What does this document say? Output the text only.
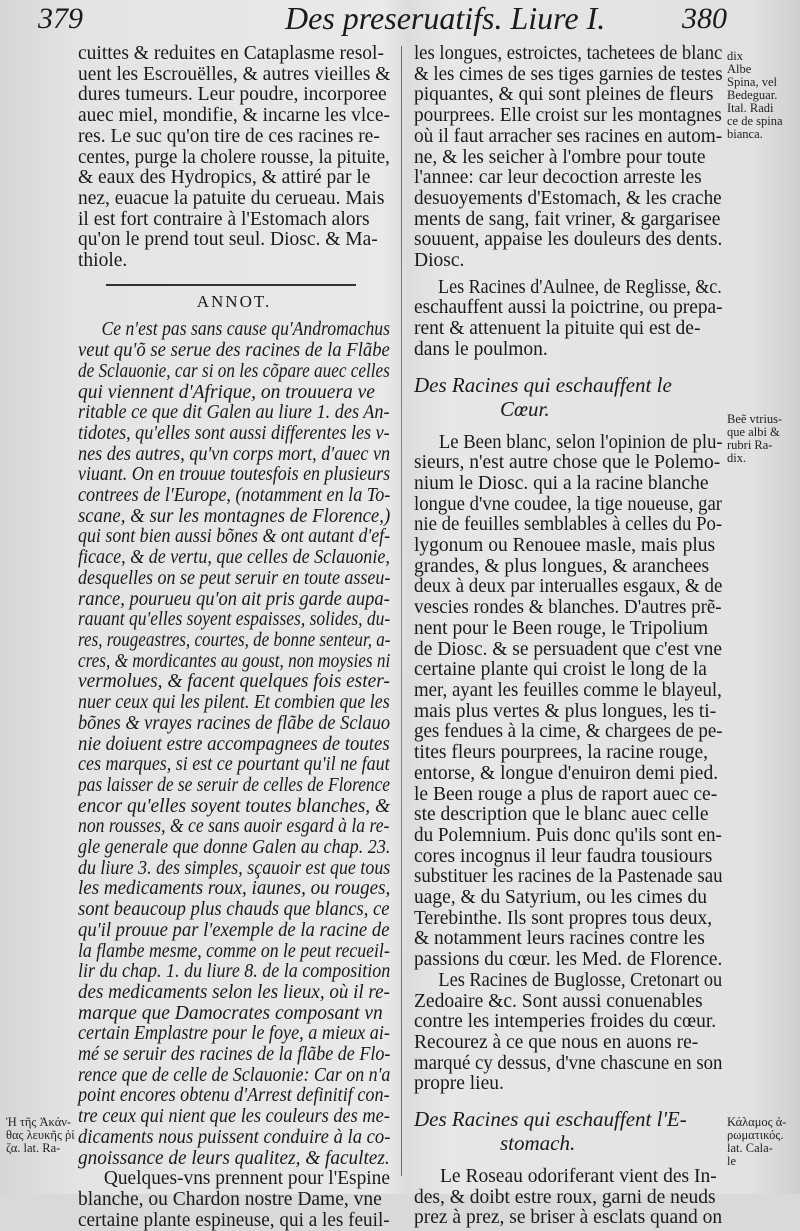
379	Des preseruatifs. Liure I.	380
cuittes & reduites en Cataplasme resol-
uent les Escrouëlles, & autres vieilles &
dures tumeurs. Leur poudre, incorporee
auec miel, mondifie, & incarne les vlce-
res. Le suc qu'on tire de ces racines re-
centes, purge la cholere rousse, la pituite,
& eaux des Hydropics, & attiré par le
nez, euacue la patuite du cerueau. Mais
il est fort contraire à l'Estomach alors
qu'on le prend tout seul. Diosc. & Ma-
thiole.
ANNOT.
Ce n'est pas sans cause qu'Andromachus
veut qu'õ se serue des racines de la Flãbe
de Sclauonie, car si on les cõpare auec celles
qui viennent d'Afrique, on trouuera ve
ritable ce que dit Galen au liure 1. des An-
tidotes, qu'elles sont aussi differentes les v-
nes des autres, qu'vn corps mort, d'auec vn
viuant. On en trouue toutesfois en plusieurs
contrees de l'Europe, (notamment en la To-
scane, & sur les montagnes de Florence,)
qui sont bien aussi bõnes & ont autant d'ef-
ficace, & de vertu, que celles de Sclauonie,
desquelles on se peut seruir en toute asseu-
rance, pourueu qu'on ait pris garde aupa-
rauant qu'elles soyent espaisses, solides, du-
res, rougeastres, courtes, de bonne senteur, a-
cres, & mordicantes au goust, non moysies ni
vermolues, & facent quelques fois ester-
nuer ceux qui les pilent. Et combien que les
bõnes & vrayes racines de flãbe de Sclauo
nie doiuent estre accompagnees de toutes
ces marques, si est ce pourtant qu'il ne faut
pas laisser de se seruir de celles de Florence
encor qu'elles soyent toutes blanches, &
non rousses, & ce sans auoir esgard à la re-
gle generale que donne Galen au chap. 23.
du liure 3. des simples, sçauoir est que tous
les medicaments roux, iaunes, ou rouges,
sont beaucoup plus chauds que blancs, ce
qu'il prouue par l'exemple de la racine de
la flambe mesme, comme on le peut recueil-
lir du chap. 1. du liure 8. de la composition
des medicaments selon les lieux, où il re-
marque que Damocrates composant vn
certain Emplastre pour le foye, a mieux ai-
mé se seruir des racines de la flãbe de Flo-
rence que de celle de Sclauonie: Car on n'a
point encores obtenu d'Arrest definitif con-
tre ceux qui nient que les couleurs des me-
dicaments nous puissent conduire à la co-
gnoissance de leurs qualitez, & facultez.
Quelques-vns prennent pour l'Espine
blanche, ou Chardon nostre Dame, vne
certaine plante espineuse, qui a les feuil-
les longues, estroictes, tachetees de blanc
& les cimes de ses tiges garnies de testes
piquantes, & qui sont pleines de fleurs
pourprees. Elle croist sur les montagnes
où il faut arracher ses racines en autom-
ne, & les seicher à l'ombre pour toute
l'annee: car leur decoction arreste les
desuoyements d'Estomach, & les crache
ments de sang, fait vriner, & gargarisee
souuent, appaise les douleurs des dents.
Diosc.
Les Racines d'Aulnee, de Reglisse, &c.
eschauffent aussi la poictrine, ou prepa-
rent & attenuent la pituite qui est de-
dans le poulmon.
Des Racines qui eschauffent le
Cœur.
Le Been blanc, selon l'opinion de plu-
sieurs, n'est autre chose que le Polemo-
nium le Diosc. qui a la racine blanche
longue d'vne coudee, la tige noueuse, gar
nie de feuilles semblables à celles du Po-
lygonum ou Renouee masle, mais plus
grandes, & plus longues, & aranchees
deux à deux par interualles esgaux, & de
vescies rondes & blanches. D'autres prẽ-
nent pour le Been rouge, le Tripolium
de Diosc. & se persuadent que c'est vne
certaine plante qui croist le long de la
mer, ayant les feuilles comme le blayeul,
mais plus vertes & plus longues, les ti-
ges fendues à la cime, & chargees de pe-
tites fleurs pourprees, la racine rouge,
entorse, & longue d'enuiron demi pied.
le Been rouge a plus de raport auec ce-
ste description que le blanc auec celle
du Polemnium. Puis donc qu'ils sont en-
cores incognus il leur faudra tousiours
substituer les racines de la Pastenade sau
uage, & du Satyrium, ou les cimes du
Terebinthe. Ils sont propres tous deux,
& notamment leurs racines contre les
passions du cœur. les Med. de Florence.
Les Racines de Buglosse, Cretonart ou
Zedoaire &c. Sont aussi conuenables
contre les intemperies froides du cœur.
Recourez à ce que nous en auons re-
marqué cy dessus, d'vne chascune en son
propre lieu.
Des Racines qui eschauffent l'E-
stomach.
Le Roseau odoriferant vient des In-
des, & doibt estre roux, garni de neuds
prez à prez, se briser à esclats quand on
dix
Albe
Spina, vel
Bedeguar.
Ital. Radi
ce de spina
bianca.
Beẽ vtrius-
que albi &
rubri Ra-
dix.
Κάλαμος ἀ-
ρωματικός.
lat. Cala-
le
Ἡ τῆς Ἀκάν-
θας λευκῆς ῥί
ζα. lat. Ra-
